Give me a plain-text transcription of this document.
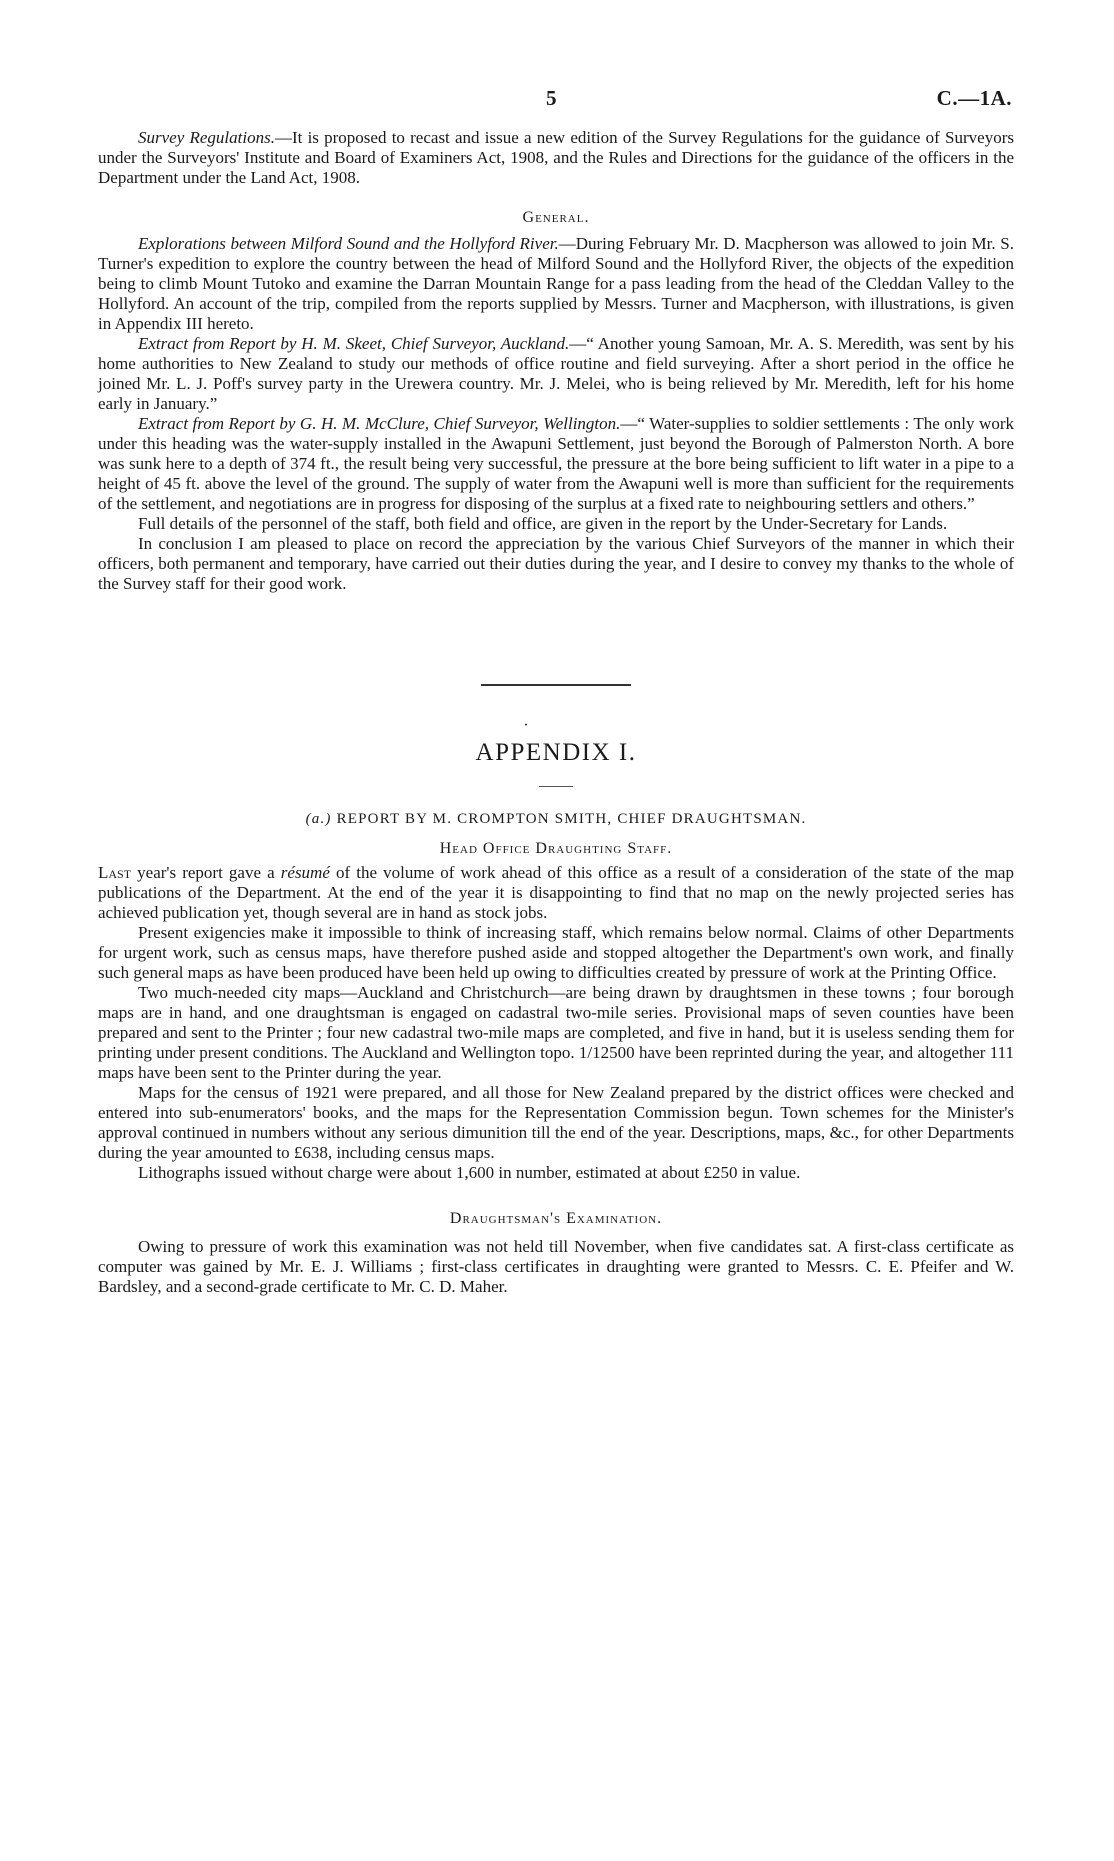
5	C.—1A.

Survey Regulations.—It is proposed to recast and issue a new edition of the Survey Regulations for the guidance of Surveyors under the Surveyors' Institute and Board of Examiners Act, 1908, and the Rules and Directions for the guidance of the officers in the Department under the Land Act, 1908.

General.

Explorations between Milford Sound and the Hollyford River.—During February Mr. D. Macpherson was allowed to join Mr. S. Turner's expedition to explore the country between the head of Milford Sound and the Hollyford River, the objects of the expedition being to climb Mount Tutoko and examine the Darran Mountain Range for a pass leading from the head of the Cleddan Valley to the Hollyford. An account of the trip, compiled from the reports supplied by Messrs. Turner and Macpherson, with illustrations, is given in Appendix III hereto.

Extract from Report by H. M. Skeet, Chief Surveyor, Auckland.—“ Another young Samoan, Mr. A. S. Meredith, was sent by his home authorities to New Zealand to study our methods of office routine and field surveying. After a short period in the office he joined Mr. L. J. Poff's survey party in the Urewera country. Mr. J. Melei, who is being relieved by Mr. Meredith, left for his home early in January.”

Extract from Report by G. H. M. McClure, Chief Surveyor, Wellington.—“ Water-supplies to soldier settlements : The only work under this heading was the water-supply installed in the Awapuni Settlement, just beyond the Borough of Palmerston North. A bore was sunk here to a depth of 374 ft., the result being very successful, the pressure at the bore being sufficient to lift water in a pipe to a height of 45 ft. above the level of the ground. The supply of water from the Awapuni well is more than sufficient for the requirements of the settlement, and negotiations are in progress for disposing of the surplus at a fixed rate to neighbouring settlers and others.”

Full details of the personnel of the staff, both field and office, are given in the report by the Under-Secretary for Lands.

In conclusion I am pleased to place on record the appreciation by the various Chief Surveyors of the manner in which their officers, both permanent and temporary, have carried out their duties during the year, and I desire to convey my thanks to the whole of the Survey staff for their good work.

·
APPENDIX I.
(a.) REPORT BY M. CROMPTON SMITH, CHIEF DRAUGHTSMAN.
Head Office Draughting Staff.

Last year's report gave a résumé of the volume of work ahead of this office as a result of a consideration of the state of the map publications of the Department. At the end of the year it is disappointing to find that no map on the newly projected series has achieved publication yet, though several are in hand as stock jobs.

Present exigencies make it impossible to think of increasing staff, which remains below normal. Claims of other Departments for urgent work, such as census maps, have therefore pushed aside and stopped altogether the Department's own work, and finally such general maps as have been produced have been held up owing to difficulties created by pressure of work at the Printing Office.

Two much-needed city maps—Auckland and Christchurch—are being drawn by draughtsmen in these towns ; four borough maps are in hand, and one draughtsman is engaged on cadastral two-mile series. Provisional maps of seven counties have been prepared and sent to the Printer ; four new cadastral two-mile maps are completed, and five in hand, but it is useless sending them for printing under present conditions. The Auckland and Wellington topo. 1/12500 have been reprinted during the year, and altogether 111 maps have been sent to the Printer during the year.

Maps for the census of 1921 were prepared, and all those for New Zealand prepared by the district offices were checked and entered into sub-enumerators' books, and the maps for the Representation Commission begun. Town schemes for the Minister's approval continued in numbers without any serious dimunition till the end of the year. Descriptions, maps, &c., for other Departments during the year amounted to £638, including census maps.

Lithographs issued without charge were about 1,600 in number, estimated at about £250 in value.

Draughtsman's Examination.

Owing to pressure of work this examination was not held till November, when five candidates sat. A first-class certificate as computer was gained by Mr. E. J. Williams ; first-class certificates in draughting were granted to Messrs. C. E. Pfeifer and W. Bardsley, and a second-grade certificate to Mr. C. D. Maher.
